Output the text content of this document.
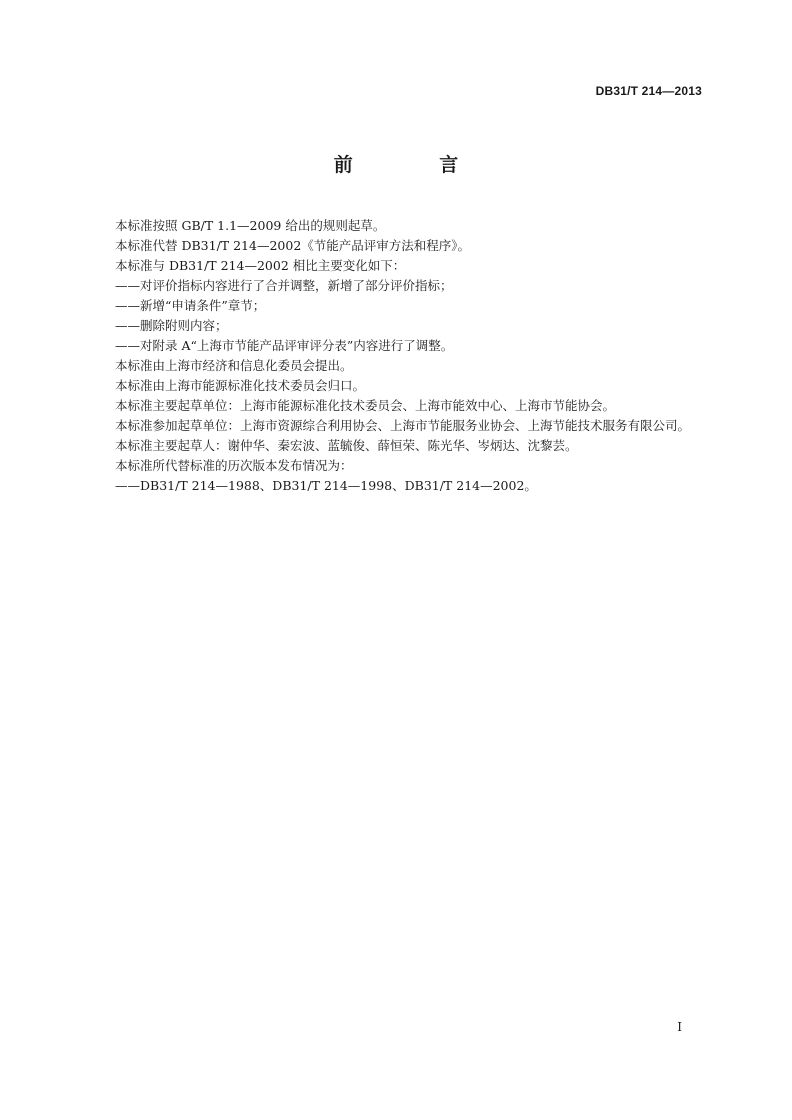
DB31/T 214—2013
前 言

本标准按照 GB/T 1.1—2009 给出的规则起草。

本标准代替 DB31/T 214—2002《节能产品评审方法和程序》。

本标准与 DB31/T 214—2002 相比主要变化如下：

——对评价指标内容进行了合并调整，新增了部分评价指标；

——新增“申请条件”章节；

——删除附则内容；

——对附录 A“上海市节能产品评审评分表”内容进行了调整。

本标准由上海市经济和信息化委员会提出。

本标准由上海市能源标准化技术委员会归口。

本标准主要起草单位：上海市能源标准化技术委员会、上海市能效中心、上海市节能协会。

本标准参加起草单位：上海市资源综合利用协会、上海市节能服务业协会、上海节能技术服务有限公司。

本标准主要起草人：谢仲华、秦宏波、蓝毓俊、薛恒荣、陈光华、岑炳达、沈黎芸。

本标准所代替标准的历次版本发布情况为：

——DB31/T 214—1988、DB31/T 214—1998、DB31/T 214—2002。

I
